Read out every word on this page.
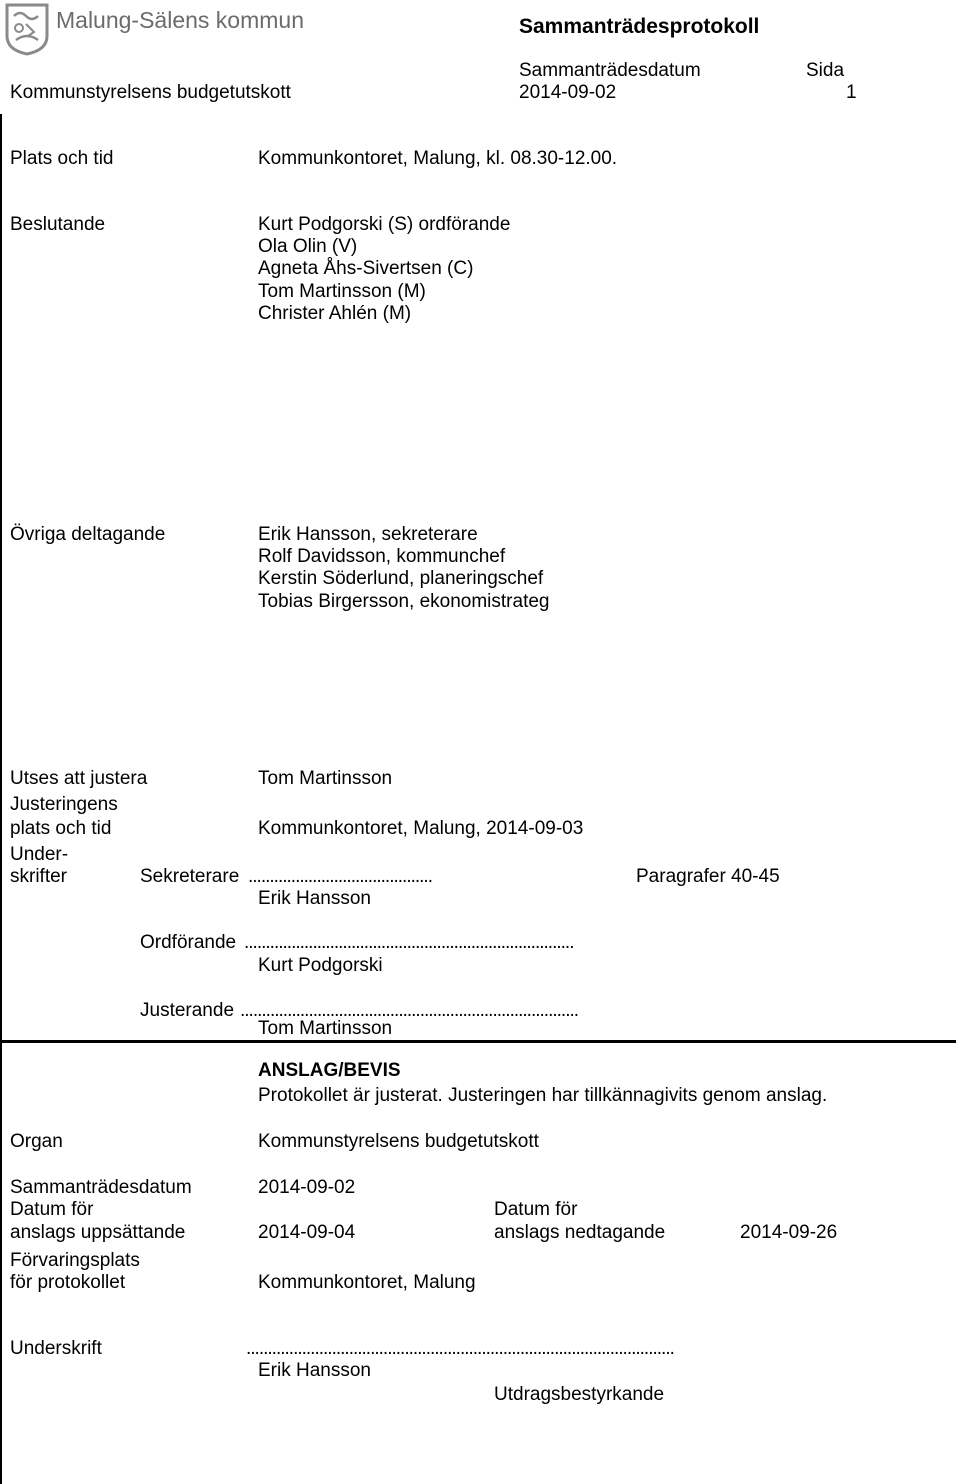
Malung-Sälens kommun	Sammanträdesprotokoll
Kommunstyrelsens budgetutskott
Sammanträdesdatum
2014-09-02
Sida
1
Plats och tid	Kommunkontoret, Malung, kl. 08.30-12.00.
Beslutande	Kurt Podgorski (S) ordförande
Ola Olin (V)
Agneta Åhs-Sivertsen (C)
Tom Martinsson (M)
Christer Ahlén (M)
Övriga deltagande	Erik Hansson, sekreterare
Rolf Davidsson, kommunchef
Kerstin Söderlund, planeringschef
Tobias Birgersson, ekonomistrateg
Utses att justera	Tom Martinsson
Justeringens
plats och tid	Kommunkontoret, Malung, 2014-09-03
Under-
skrifter	Sekreterare ...........................................	Paragrafer 40-45
Erik Hansson
Ordförande .............................................................................
Kurt Podgorski
Justerande ...............................................................................
Tom Martinsson
ANSLAG/BEVIS
Protokollet är justerat. Justeringen har tillkännagivits genom anslag.
Organ	Kommunstyrelsens budgetutskott
Sammanträdesdatum	2014-09-02
Datum för
anslags uppsättande	2014-09-04
Datum för
anslags nedtagande	2014-09-26
Förvaringsplats
för protokollet	Kommunkontoret, Malung
Underskrift	....................................................................................................
Erik Hansson
Utdragsbestyrkande
